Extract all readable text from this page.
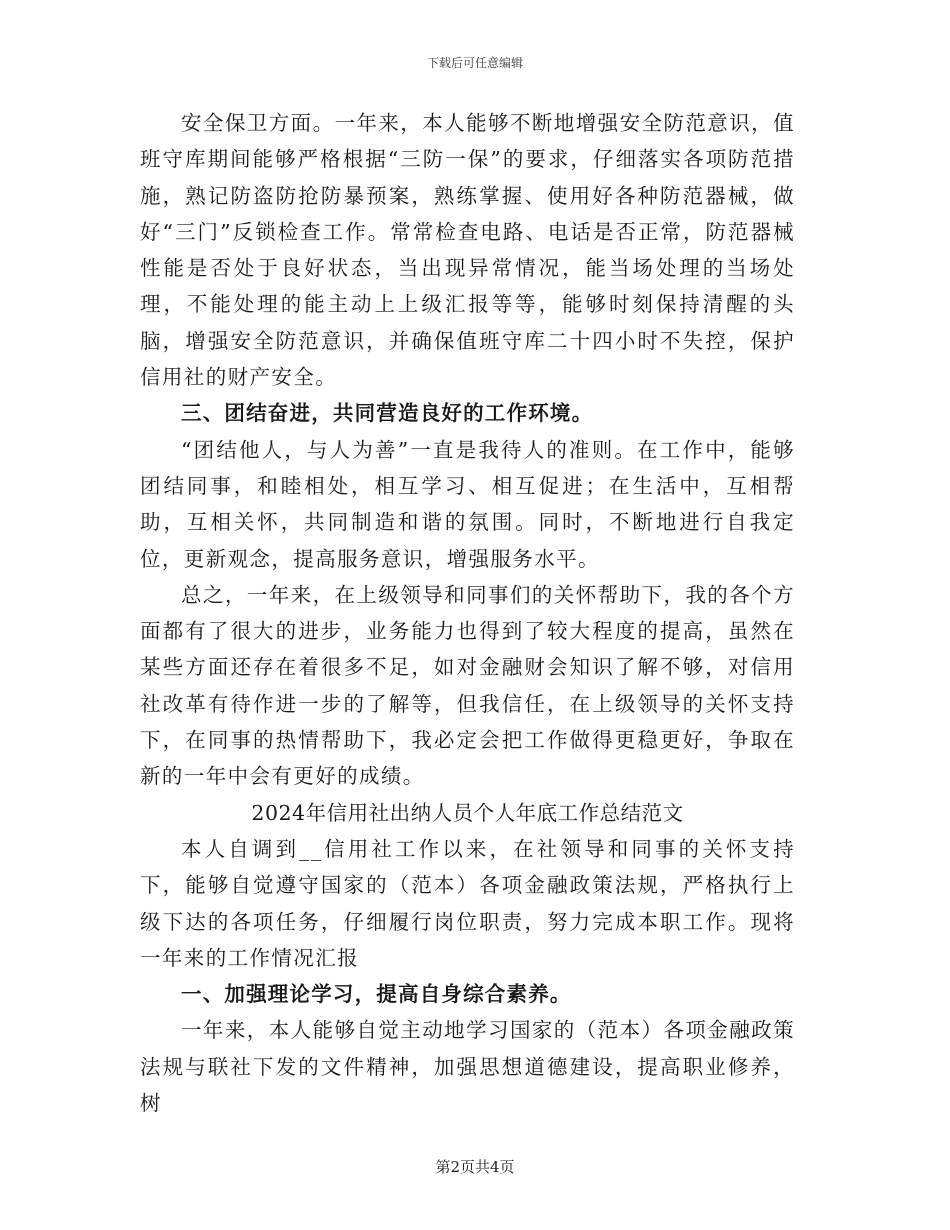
下载后可任意编辑

安全保卫方面。一年来，本人能够不断地增强安全防范意识，值班守库期间能够严格根据“三防一保”的要求，仔细落实各项防范措施，熟记防盗防抢防暴预案，熟练掌握、使用好各种防范器械，做好“三门”反锁检查工作。常常检查电路、电话是否正常，防范器械性能是否处于良好状态，当出现异常情况，能当场处理的当场处理，不能处理的能主动上上级汇报等等，能够时刻保持清醒的头脑，增强安全防范意识，并确保值班守库二十四小时不失控，保护信用社的财产安全。

三、团结奋进，共同营造良好的工作环境。

“团结他人，与人为善”一直是我待人的准则。在工作中，能够团结同事，和睦相处，相互学习、相互促进；在生活中，互相帮助，互相关怀，共同制造和谐的氛围。同时，不断地进行自我定位，更新观念，提高服务意识，增强服务水平。

总之，一年来，在上级领导和同事们的关怀帮助下，我的各个方面都有了很大的进步，业务能力也得到了较大程度的提高，虽然在某些方面还存在着很多不足，如对金融财会知识了解不够，对信用社改革有待作进一步的了解等，但我信任，在上级领导的关怀支持下，在同事的热情帮助下，我必定会把工作做得更稳更好，争取在新的一年中会有更好的成绩。

2024年信用社出纳人员个人年底工作总结范文

本人自调到__信用社工作以来，在社领导和同事的关怀支持下，能够自觉遵守国家的（范本）各项金融政策法规，严格执行上级下达的各项任务，仔细履行岗位职责，努力完成本职工作。现将一年来的工作情况汇报

一、加强理论学习，提高自身综合素养。

一年来，本人能够自觉主动地学习国家的（范本）各项金融政策法规与联社下发的文件精神，加强思想道德建设，提高职业修养，树

第2页共4页
